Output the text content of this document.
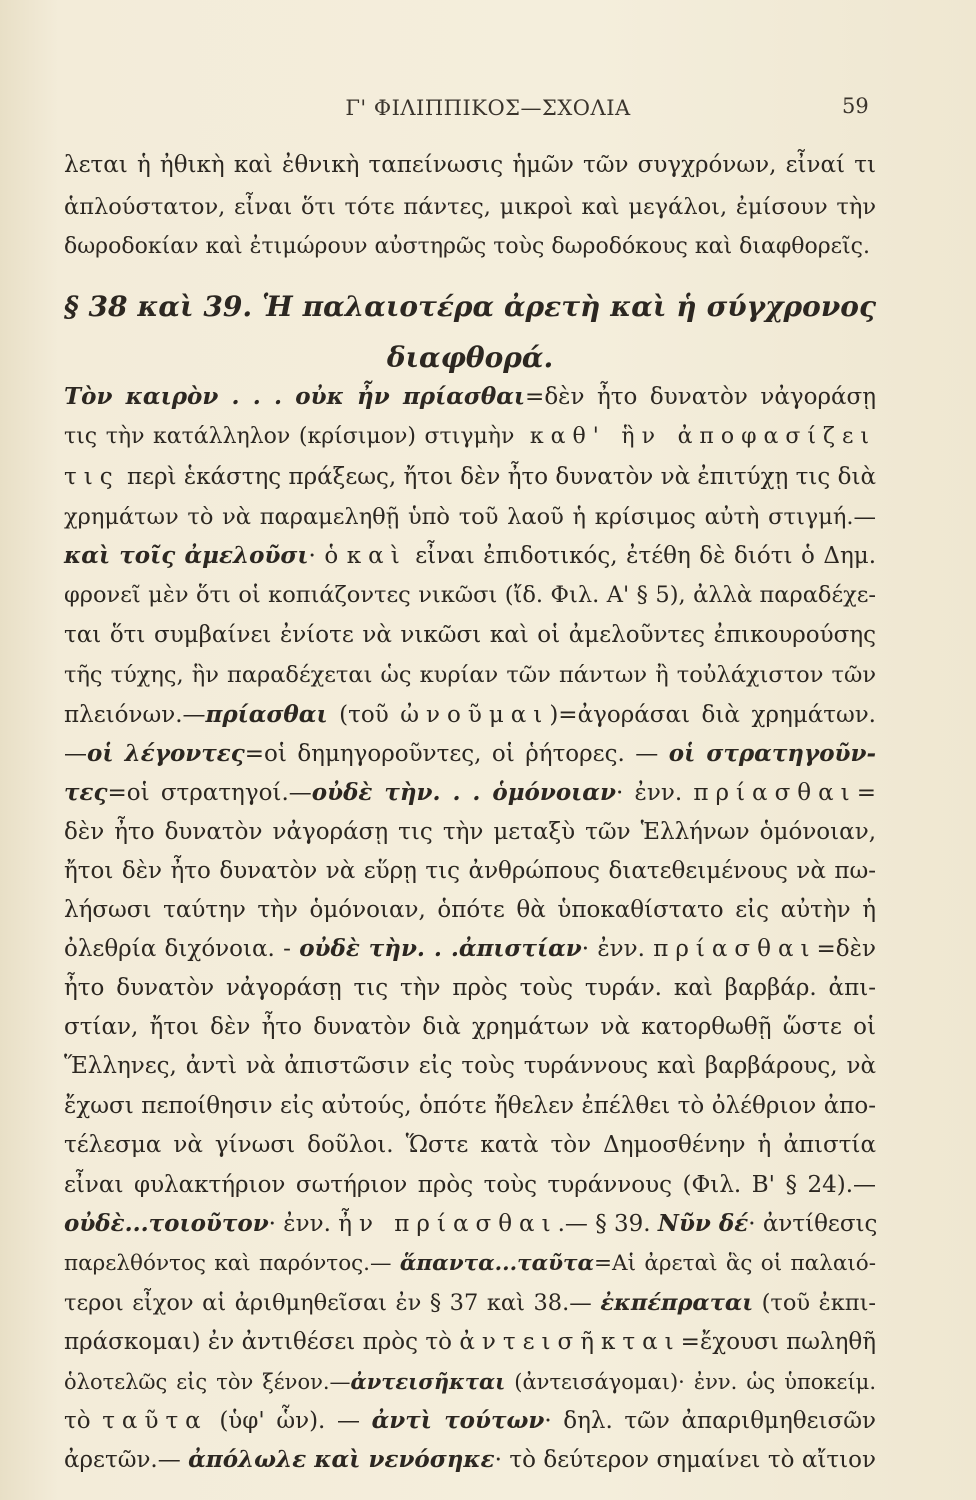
Γ' ΦΙΛΙΠΠΙΚΟΣ—ΣΧΟΛΙΑ	59
λεται ἡ ἠθικὴ καὶ ἐθνικὴ ταπείνωσις ἡμῶν τῶν συγχρόνων, εἶναί τι
ἁπλούστατον, εἶναι ὅτι τότε πάντες, μικροὶ καὶ μεγάλοι, ἐμίσουν τὴν
δωροδοκίαν καὶ ἐτιμώρουν αὐστηρῶς τοὺς δωροδόκους καὶ διαφθορεῖς.
§ 38 καὶ 39. Ἡ παλαιοτέρα ἀρετὴ καὶ ἡ σύγχρονος
διαφθορά.
Τὸν καιρὸν . . . οὐκ ἦν πρίασθαι=δὲν ἦτο δυνατὸν νἀγοράσῃ
τις τὴν κατάλληλον (κρίσιμον) στιγμὴν καθ' ἣν ἀποφασίζει
τις περὶ ἑκάστης πράξεως, ἤτοι δὲν ἦτο δυνατὸν νὰ ἐπιτύχῃ τις διὰ
χρημάτων τὸ νὰ παραμεληθῇ ὑπὸ τοῦ λαοῦ ἡ κρίσιμος αὐτὴ στιγμή.—
καὶ τοῖς ἀμελοῦσι· ὁ καὶ εἶναι ἐπιδοτικός, ἐτέθη δὲ διότι ὁ Δημ.
φρονεῖ μὲν ὅτι οἱ κοπιάζοντες νικῶσι (ἴδ. Φιλ. Α' § 5), ἀλλὰ παραδέχε-
ται ὅτι συμβαίνει ἐνίοτε νὰ νικῶσι καὶ οἱ ἀμελοῦντες ἐπικουρούσης
τῆς τύχης, ἣν παραδέχεται ὡς κυρίαν τῶν πάντων ἢ τοὐλάχιστον τῶν
πλειόνων.—πρίασθαι (τοῦ ὠνοῦμαι)=ἀγοράσαι διὰ χρημάτων.
—οἱ λέγοντες=οἱ δημηγοροῦντες, οἱ ῥήτορες. — οἱ στρατηγοῦν-
τες=οἱ στρατηγοί.—οὐδὲ τὴν. . . ὁμόνοιαν· ἐνν. πρίασθαι=
δὲν ἦτο δυνατὸν νἀγοράσῃ τις τὴν μεταξὺ τῶν Ἑλλήνων ὁμόνοιαν,
ἤτοι δὲν ἦτο δυνατὸν νὰ εὕρῃ τις ἀνθρώπους διατεθειμένους νὰ πω-
λήσωσι ταύτην τὴν ὁμόνοιαν, ὁπότε θὰ ὑποκαθίστατο εἰς αὐτὴν ἡ
ὀλεθρία διχόνοια. - οὐδὲ τὴν. . .ἀπιστίαν· ἐνν. πρίασθαι=δὲν
ἦτο δυνατὸν νἀγοράσῃ τις τὴν πρὸς τοὺς τυράν. καὶ βαρβάρ. ἀπι-
στίαν, ἤτοι δὲν ἦτο δυνατὸν διὰ χρημάτων νὰ κατορθωθῇ ὥστε οἱ
Ἕλληνες, ἀντὶ νὰ ἀπιστῶσιν εἰς τοὺς τυράννους καὶ βαρβάρους, νὰ
ἔχωσι πεποίθησιν εἰς αὐτούς, ὁπότε ἤθελεν ἐπέλθει τὸ ὀλέθριον ἀπο-
τέλεσμα νὰ γίνωσι δοῦλοι. Ὥστε κατὰ τὸν Δημοσθένην ἡ ἀπιστία
εἶναι φυλακτήριον σωτήριον πρὸς τοὺς τυράννους (Φιλ. Β' § 24).—
οὐδὲ...τοιοῦτον· ἐνν. ἦν πρίασθαι.— § 39. Νῦν δέ· ἀντίθεσις
παρελθόντος καὶ παρόντος.— ἅπαντα...ταῦτα=Αἱ ἀρεταὶ ἃς οἱ παλαιό-
τεροι εἶχον αἱ ἀριθμηθεῖσαι ἐν § 37 καὶ 38.— ἐκπέπραται (τοῦ ἐκπι-
πράσκομαι) ἐν ἀντιθέσει πρὸς τὸ ἀντεισῆκται=ἔχουσι πωληθῆ
ὁλοτελῶς εἰς τὸν ξένον.—ἀντεισῆκται (ἀντεισάγομαι)· ἐνν. ὡς ὑποκείμ.
τὸ ταῦτα (ὑφ' ὧν). — ἀντὶ τούτων· δηλ. τῶν ἀπαριθμηθεισῶν
ἀρετῶν.— ἀπόλωλε καὶ νενόσηκε· τὸ δεύτερον σημαίνει τὸ αἴτιον
